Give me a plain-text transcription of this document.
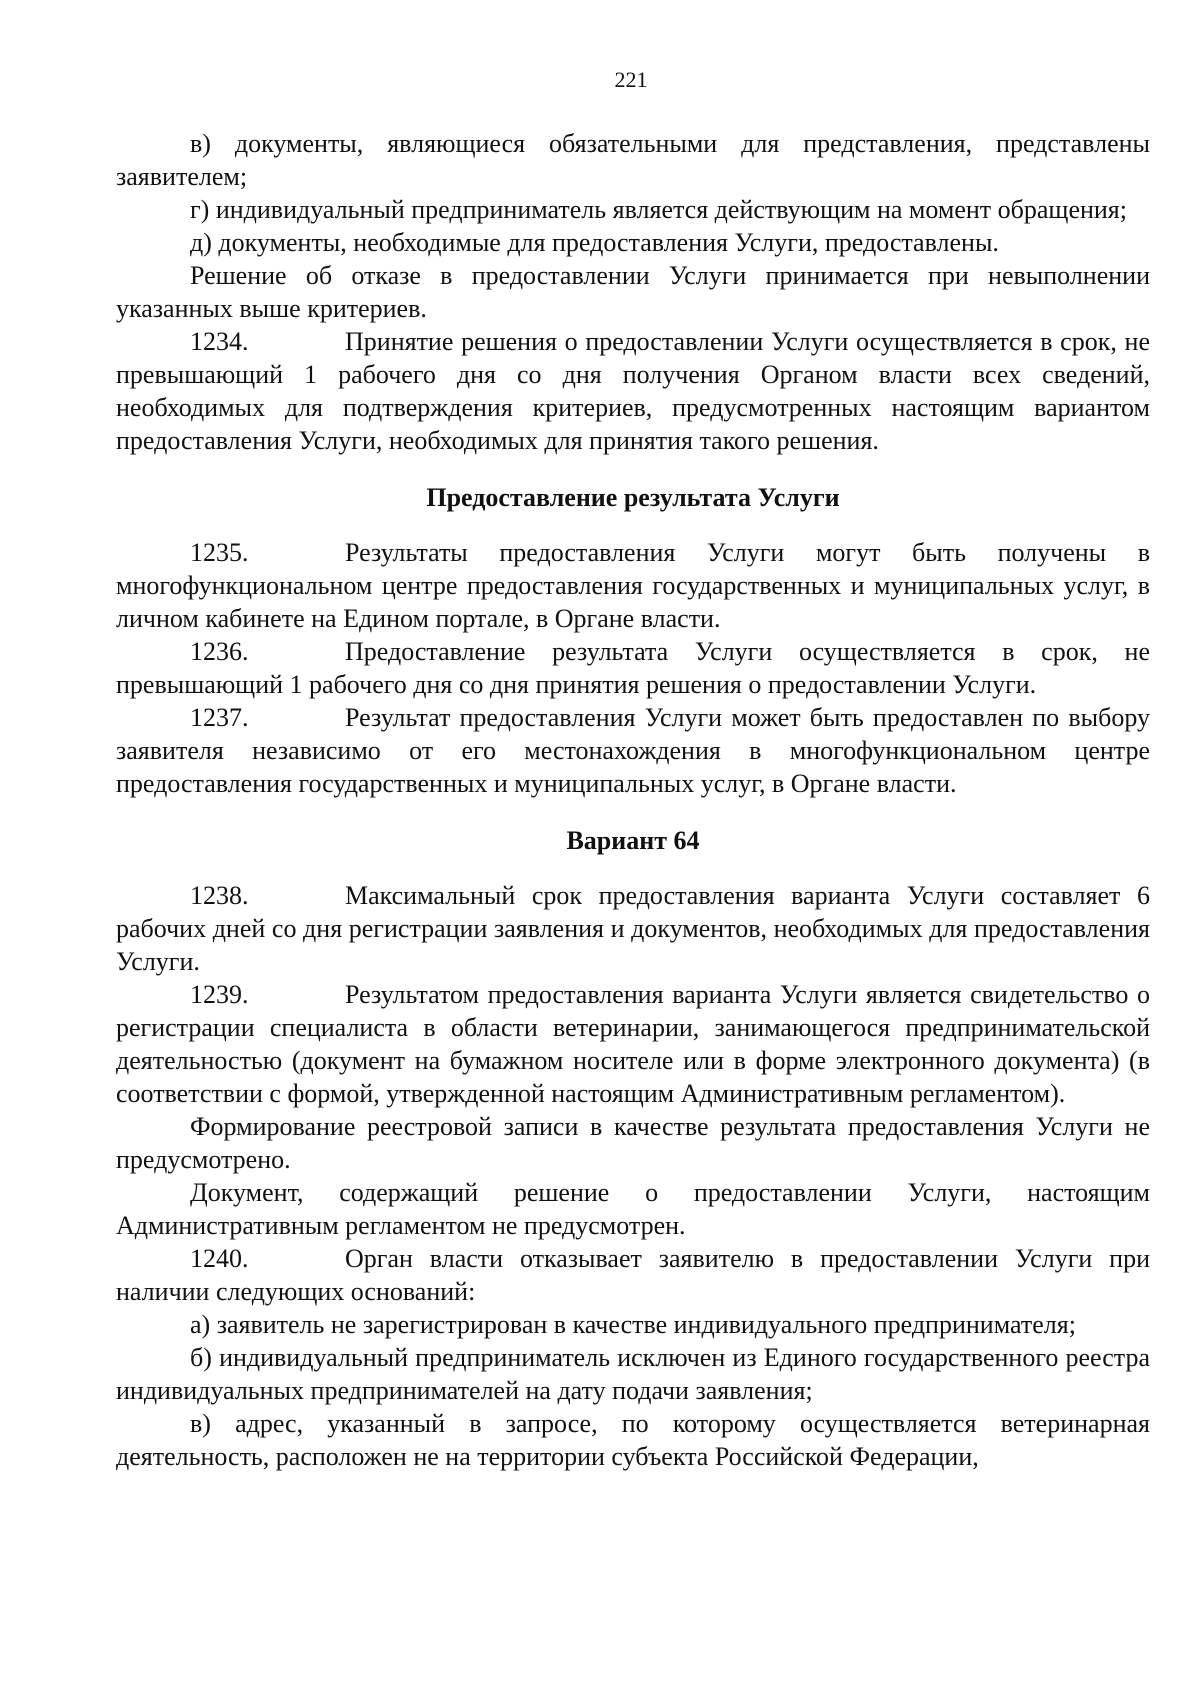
221

в) документы, являющиеся обязательными для представления, представлены заявителем;

г) индивидуальный предприниматель является действующим на момент обращения;

д) документы, необходимые для предоставления Услуги, предоставлены.

Решение об отказе в предоставлении Услуги принимается при невыполнении указанных выше критериев.

1234.	Принятие решения о предоставлении Услуги осуществляется в срок, не превышающий 1 рабочего дня со дня получения Органом власти всех сведений, необходимых для подтверждения критериев, предусмотренных настоящим вариантом предоставления Услуги, необходимых для принятия такого решения.

Предоставление результата Услуги

1235.	Результаты предоставления Услуги могут быть получены в многофункциональном центре предоставления государственных и муниципальных услуг, в личном кабинете на Едином портале, в Органе власти.

1236.	Предоставление результата Услуги осуществляется в срок, не превышающий 1 рабочего дня со дня принятия решения о предоставлении Услуги.

1237.	Результат предоставления Услуги может быть предоставлен по выбору заявителя независимо от его местонахождения в многофункциональном центре предоставления государственных и муниципальных услуг, в Органе власти.

Вариант 64

1238.	Максимальный срок предоставления варианта Услуги составляет 6 рабочих дней со дня регистрации заявления и документов, необходимых для предоставления Услуги.

1239.	Результатом предоставления варианта Услуги является свидетельство о регистрации специалиста в области ветеринарии, занимающегося предпринимательской деятельностью (документ на бумажном носителе или в форме электронного документа) (в соответствии с формой, утвержденной настоящим Административным регламентом).

Формирование реестровой записи в качестве результата предоставления Услуги не предусмотрено.

Документ, содержащий решение о предоставлении Услуги, настоящим Административным регламентом не предусмотрен.

1240.	Орган власти отказывает заявителю в предоставлении Услуги при наличии следующих оснований:

а) заявитель не зарегистрирован в качестве индивидуального предпринимателя;

б) индивидуальный предприниматель исключен из Единого государственного реестра индивидуальных предпринимателей на дату подачи заявления;

в) адрес, указанный в запросе, по которому осуществляется ветеринарная деятельность, расположен не на территории субъекта Российской Федерации,
